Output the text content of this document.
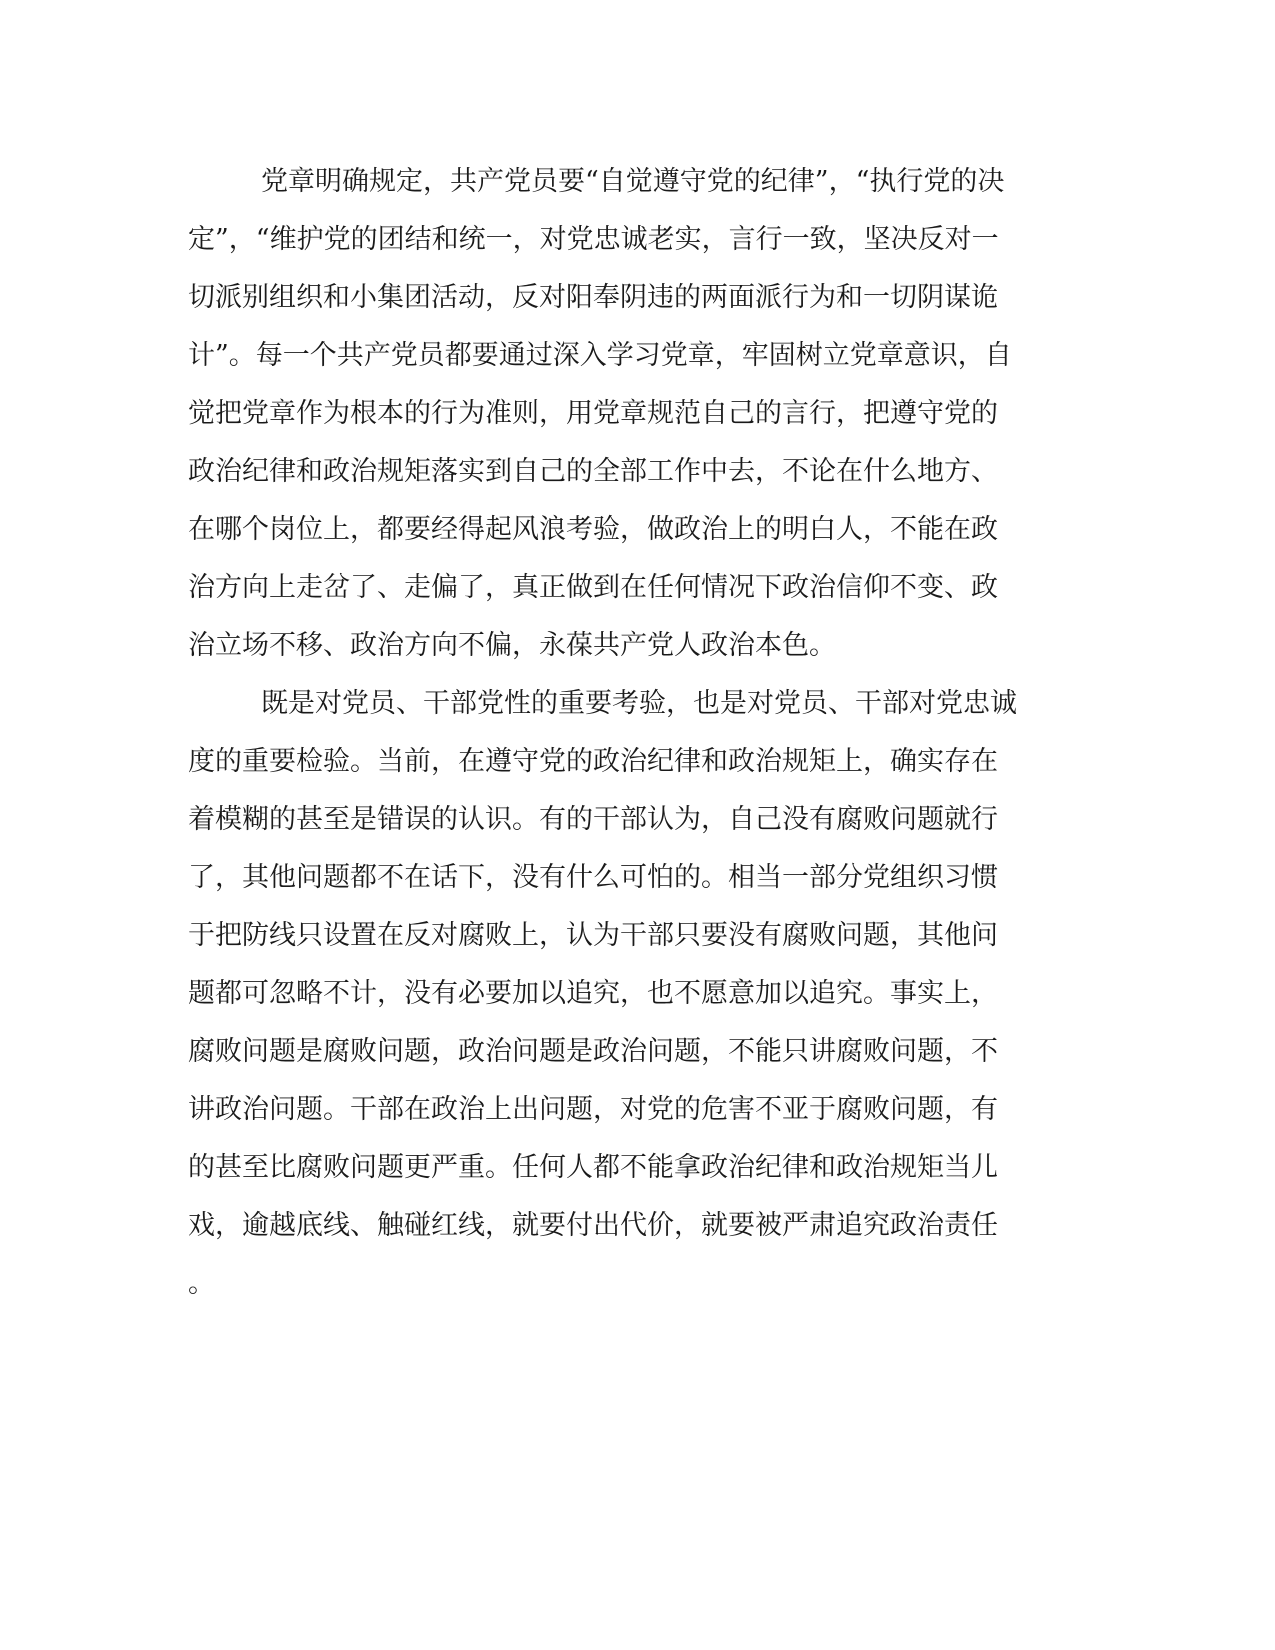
党章明确规定，共产党员要“自觉遵守党的纪律”，“执行党的决
定”，“维护党的团结和统一，对党忠诚老实，言行一致，坚决反对一
切派别组织和小集团活动，反对阳奉阴违的两面派行为和一切阴谋诡
计”。每一个共产党员都要通过深入学习党章，牢固树立党章意识，自
觉把党章作为根本的行为准则，用党章规范自己的言行，把遵守党的
政治纪律和政治规矩落实到自己的全部工作中去，不论在什么地方、
在哪个岗位上，都要经得起风浪考验，做政治上的明白人，不能在政
治方向上走岔了、走偏了，真正做到在任何情况下政治信仰不变、政
治立场不移、政治方向不偏，永葆共产党人政治本色。
既是对党员、干部党性的重要考验，也是对党员、干部对党忠诚
度的重要检验。当前，在遵守党的政治纪律和政治规矩上，确实存在
着模糊的甚至是错误的认识。有的干部认为，自己没有腐败问题就行
了，其他问题都不在话下，没有什么可怕的。相当一部分党组织习惯
于把防线只设置在反对腐败上，认为干部只要没有腐败问题，其他问
题都可忽略不计，没有必要加以追究，也不愿意加以追究。事实上，
腐败问题是腐败问题，政治问题是政治问题，不能只讲腐败问题，不
讲政治问题。干部在政治上出问题，对党的危害不亚于腐败问题，有
的甚至比腐败问题更严重。任何人都不能拿政治纪律和政治规矩当儿
戏，逾越底线、触碰红线，就要付出代价，就要被严肃追究政治责任
。
